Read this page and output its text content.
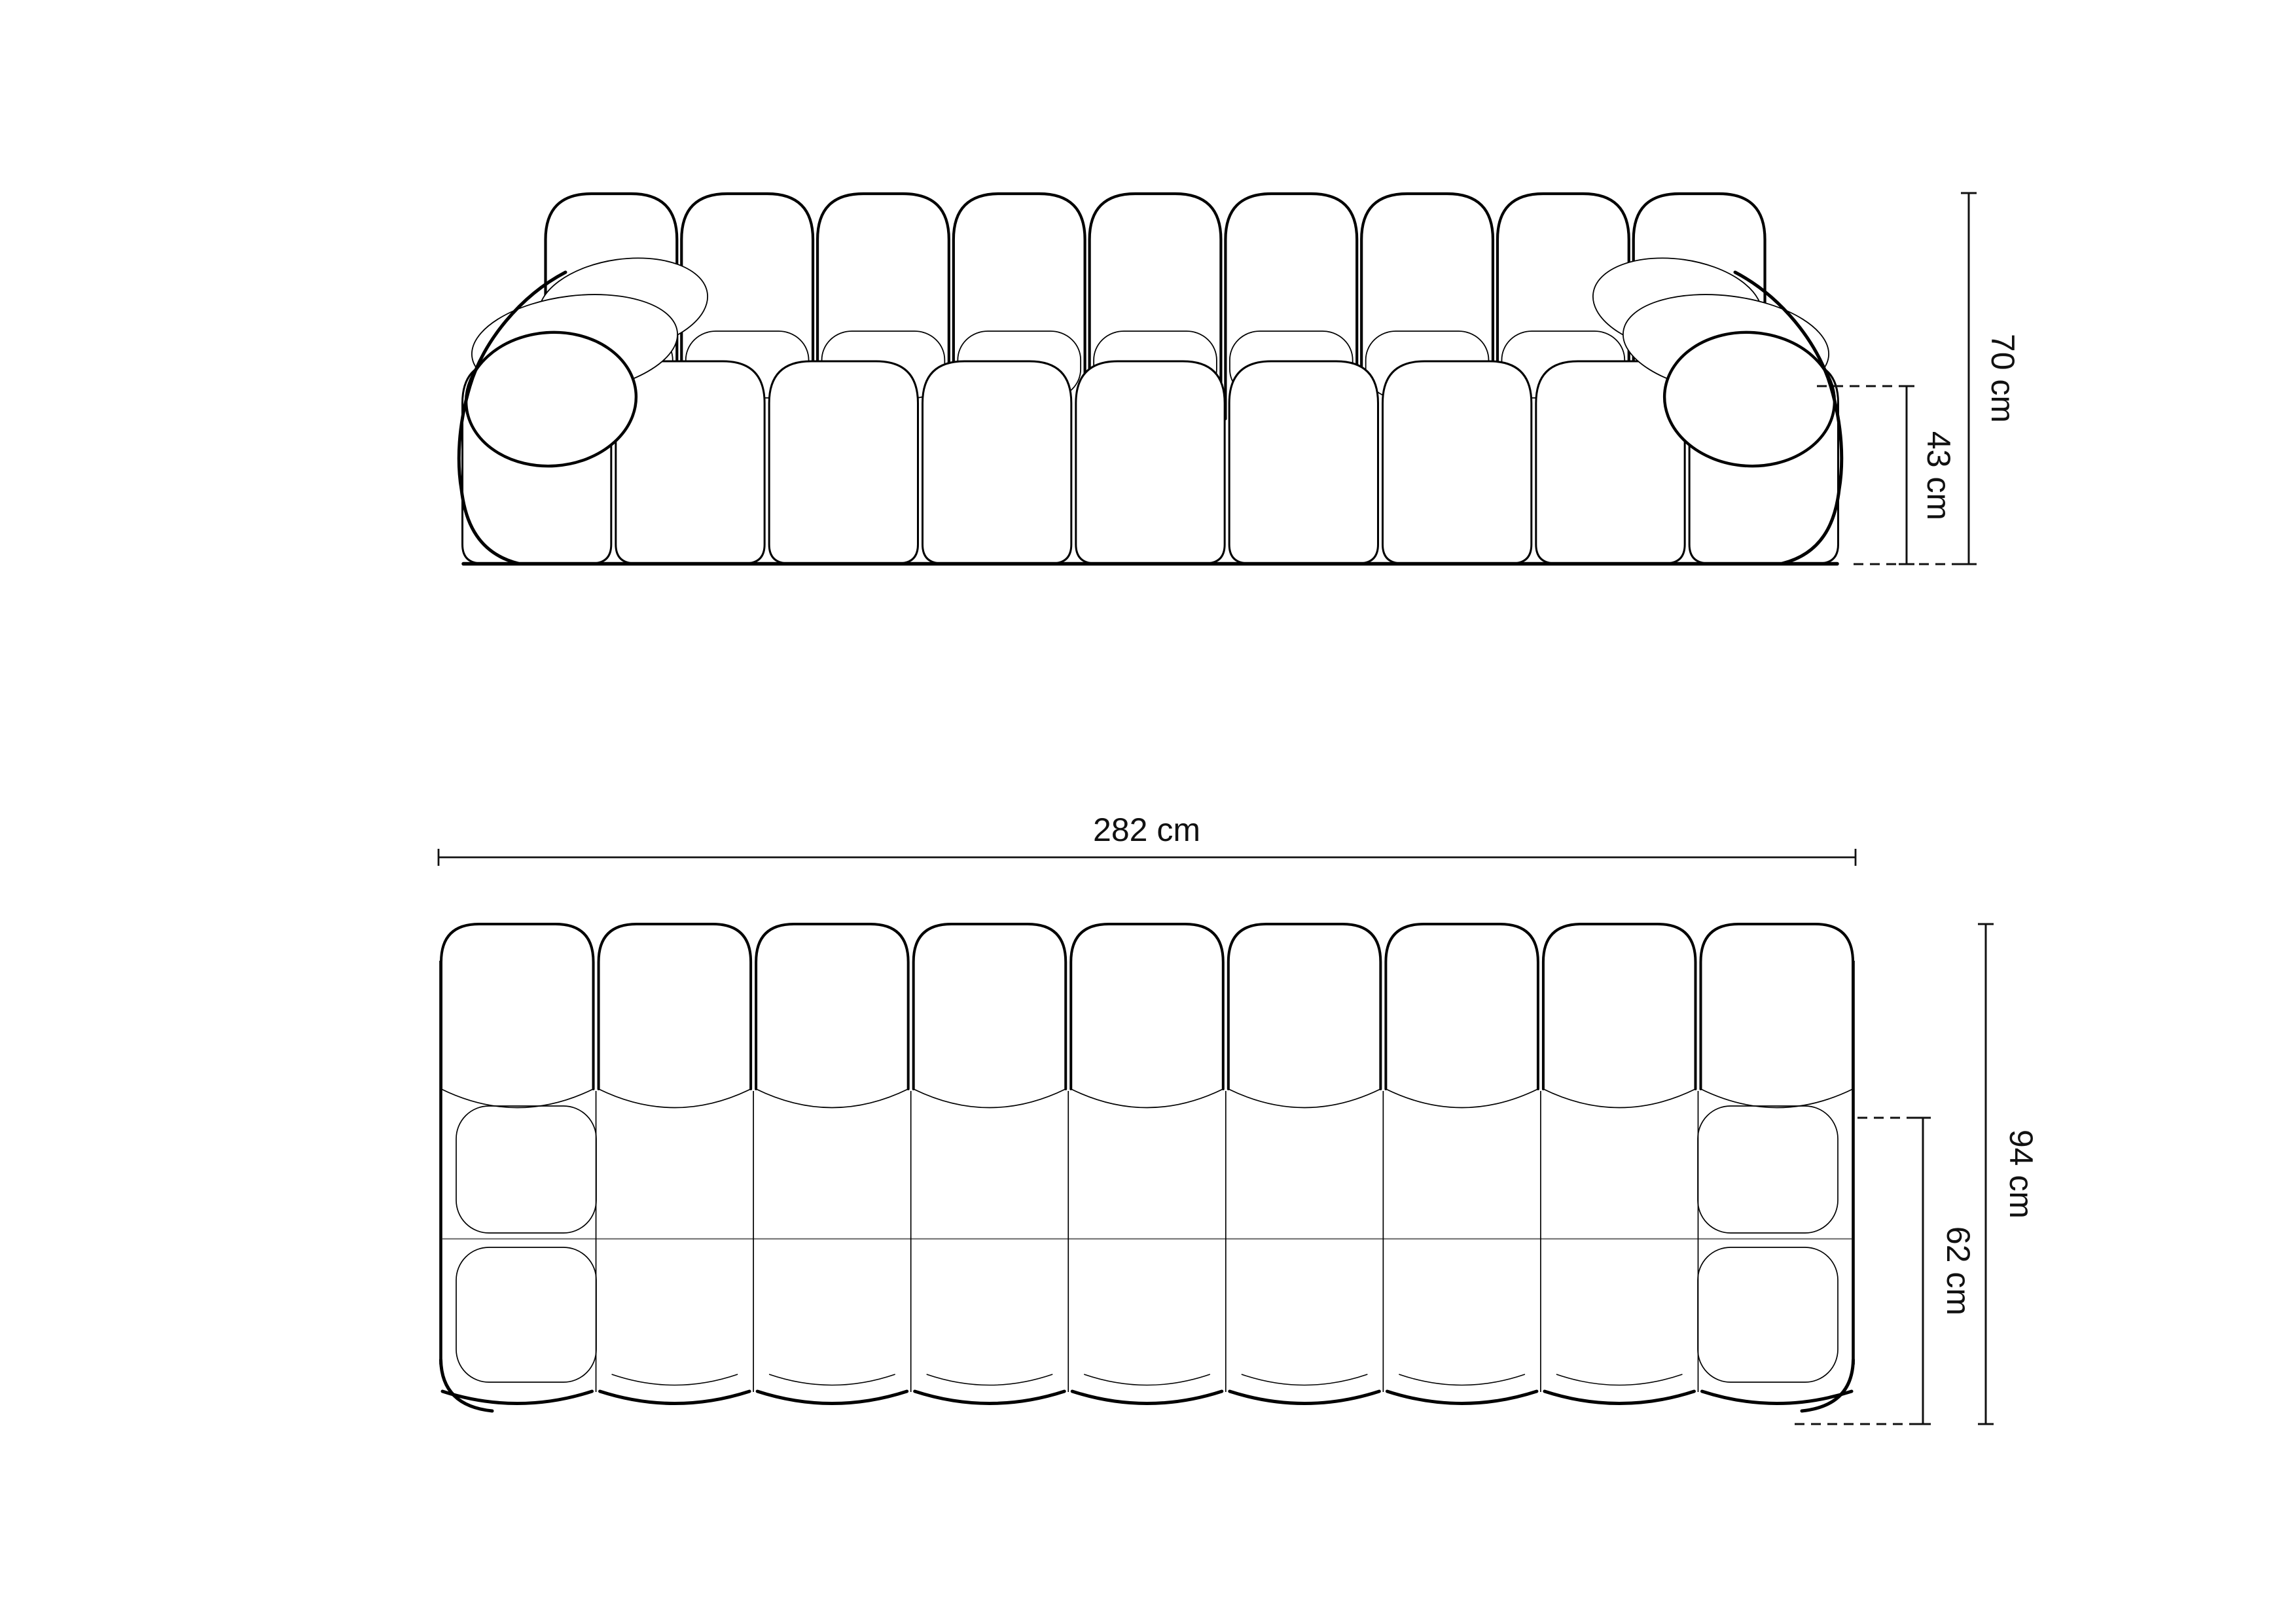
43 cm
70 cm
282 cm
62 cm
94 cm
